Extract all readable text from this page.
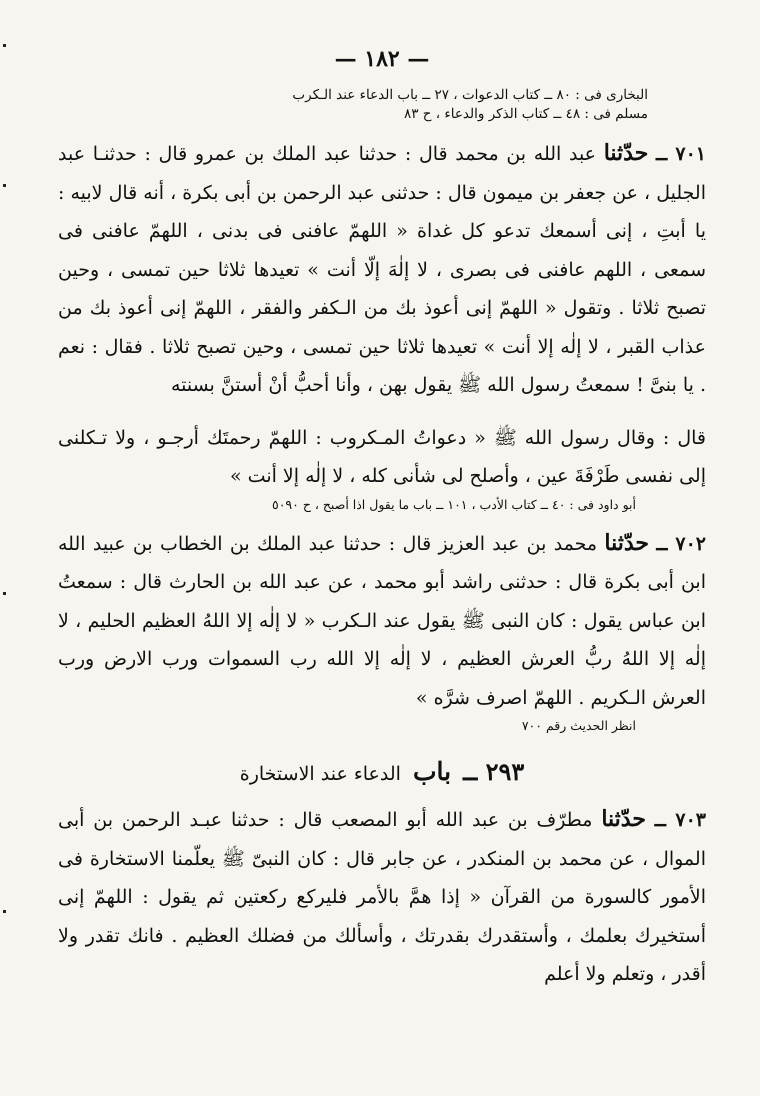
— ١٨٢ —

البخارى فى : ٨٠ ــ كتاب الدعوات ، ٢٧ ــ باب الدعاء عند الـكرب

مسلم فى : ٤٨ ــ كتاب الذكر والدعاء ، ح ٨٣

٧٠١ ــ حدّثنا عبد الله بن محمد قال : حدثنا عبد الملك بن عمرو قال : حدثنـا عبد الجليل ، عن جعفر بن ميمون قال : حدثنى عبد الرحمن بن أبى بكرة ، أنه قال لابيه : يا أبتِ ، إنى أسمعك تدعو كل غداة « اللهمّ عافنى فى بدنى ، اللهمّ عافنى فى سمعى ، اللهم عافنى فى بصرى ، لا إلٰهَ إلّا أنت » تعيدها ثلاثا حين تمسى ، وحين تصبح ثلاثا . وتقول « اللهمّ إنى أعوذ بك من الـكفر والفقر ، اللهمّ إنى أعوذ بك من عذاب القبر ، لا إلٰه إلا أنت » تعيدها ثلاثا حين تمسى ، وحين تصبح ثلاثا . فقال : نعم . يا بنىَّ ! سمعتُ رسول الله ﷺ يقول بهن ، وأنا أحبُّ أنْ أستنَّ بسنته

قال : وقال رسول الله ﷺ « دعواتُ المـكروب : اللهمّ رحمتَك أرجـو ، ولا تـكلنى إلى نفسى طَرْفَةَ عين ، وأصلح لى شأنى كله ، لا إلٰه إلا أنت »

أبو داود فى : ٤٠ ــ كتاب الأدب ، ١٠١ ــ باب ما يقول اذا أصبح ، ح ٥٠٩٠

٧٠٢ ــ حدّثنا محمد بن عبد العزيز قال : حدثنا عبد الملك بن الخطاب بن عبيد الله ابن أبى بكرة قال : حدثنى راشد أبو محمد ، عن عبد الله بن الحارث قال : سمعتُ ابن عباس يقول : كان النبى ﷺ يقول عند الـكرب « لا إلٰه إلا اللهُ العظيم الحليم ، لا إلٰه إلا اللهُ ربُّ العرش العظيم ، لا إلٰه إلا الله رب السموات ورب الارض ورب العرش الـكريم . اللهمّ اصرف شرَّه »

انظر الحديث رقم ٧٠٠

٢٩٣ ــ باب الدعاء عند الاستخارة

٧٠٣ ــ حدّثنا مطرّف بن عبد الله أبو المصعب قال : حدثنا عبـد الرحمن بن أبى الموال ، عن محمد بن المنكدر ، عن جابر قال : كان النبىّ ﷺ يعلّمنا الاستخارة فى الأمور كالسورة من القرآن « إذا همَّ بالأمر فليركع ركعتين ثم يقول : اللهمّ إنى أستخيرك بعلمك ، وأستقدرك بقدرتك ، وأسألك من فضلك العظيم . فانك تقدر ولا أقدر ، وتعلم ولا أعلم
